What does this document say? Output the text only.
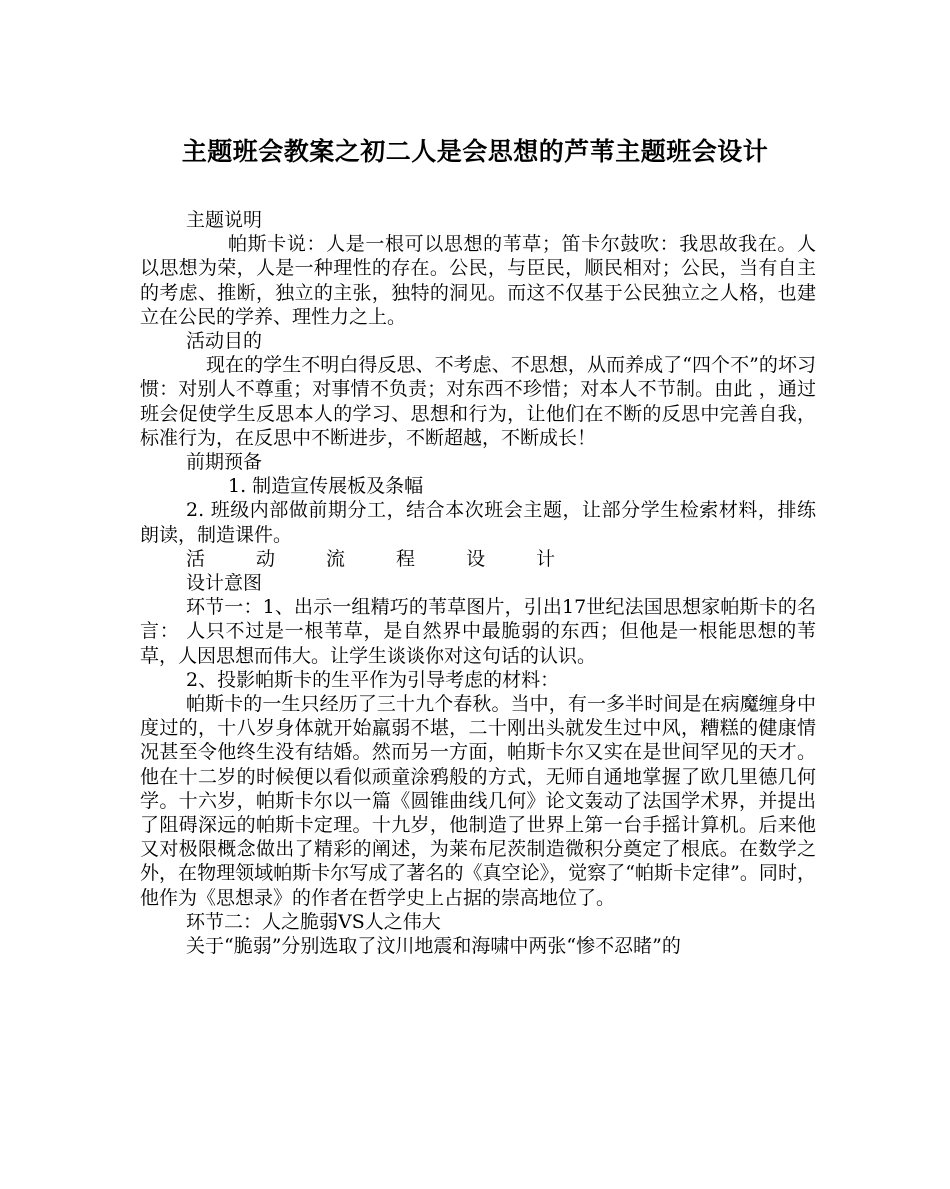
主题班会教案之初二人是会思想的芦苇主题班会设计

主题说明

帕斯卡说：人是一根可以思想的苇草；笛卡尔鼓吹：我思故我在。人以思想为荣，人是一种理性的存在。公民，与臣民，顺民相对；公民，当有自主的考虑、推断，独立的主张，独特的洞见。而这不仅基于公民独立之人格，也建立在公民的学养、理性力之上。

活动目的

现在的学生不明白得反思、不考虑、不思想，从而养成了“四个不”的坏习惯：对别人不尊重；对事情不负责；对东西不珍惜；对本人不节制。由此 ，通过班会促使学生反思本人的学习、思想和行为，让他们在不断的反思中完善自我，标准行为，在反思中不断进步，不断超越，不断成长！

前期预备

1. 制造宣传展板及条幅

2. 班级内部做前期分工，结合本次班会主题，让部分学生检索材料，排练朗读，制造课件。

活	动	流	程	设	计

设计意图

环节一：1、出示一组精巧的苇草图片，引出17世纪法国思想家帕斯卡的名言： 人只不过是一根苇草，是自然界中最脆弱的东西；但他是一根能思想的苇草，人因思想而伟大。让学生谈谈你对这句话的认识。

2、投影帕斯卡的生平作为引导考虑的材料：

帕斯卡的一生只经历了三十九个春秋。当中，有一多半时间是在病魔缠身中度过的，十八岁身体就开始羸弱不堪，二十刚出头就发生过中风，糟糕的健康情况甚至令他终生没有结婚。然而另一方面，帕斯卡尔又实在是世间罕见的天才。他在十二岁的时候便以看似顽童涂鸦般的方式，无师自通地掌握了欧几里德几何学。十六岁，帕斯卡尔以一篇《圆锥曲线几何》论文轰动了法国学术界，并提出了阻碍深远的帕斯卡定理。十九岁，他制造了世界上第一台手摇计算机。后来他又对极限概念做出了精彩的阐述，为莱布尼茨制造微积分奠定了根底。在数学之外，在物理领域帕斯卡尔写成了著名的《真空论》，觉察了“帕斯卡定律”。同时，他作为《思想录》的作者在哲学史上占据的崇高地位了。

环节二：人之脆弱VS人之伟大

关于“脆弱”分别选取了汶川地震和海啸中两张“惨不忍睹”的
